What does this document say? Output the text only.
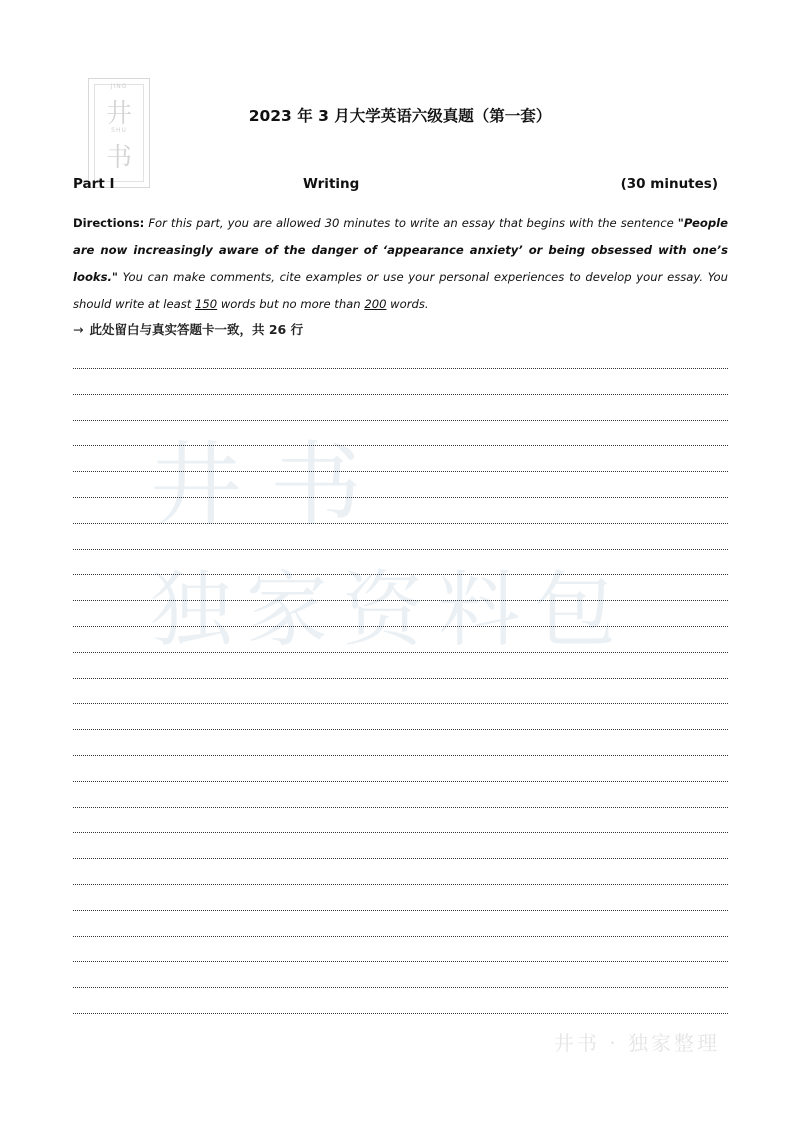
JING
井
SHU
书
井书
独家资料包
2023 年 3 月大学英语六级真题（第一套）
Part I	Writing	(30 minutes)
Directions: For this part, you are allowed 30 minutes to write an essay that begins with the sentence "People are now increasingly aware of the danger of ‘appearance anxiety’ or being obsessed with one’s looks." You can make comments, cite examples or use your personal experiences to develop your essay. You should write at least 150 words but no more than 200 words.
→ 此处留白与真实答题卡一致，共 26 行
井书 · 独家整理
